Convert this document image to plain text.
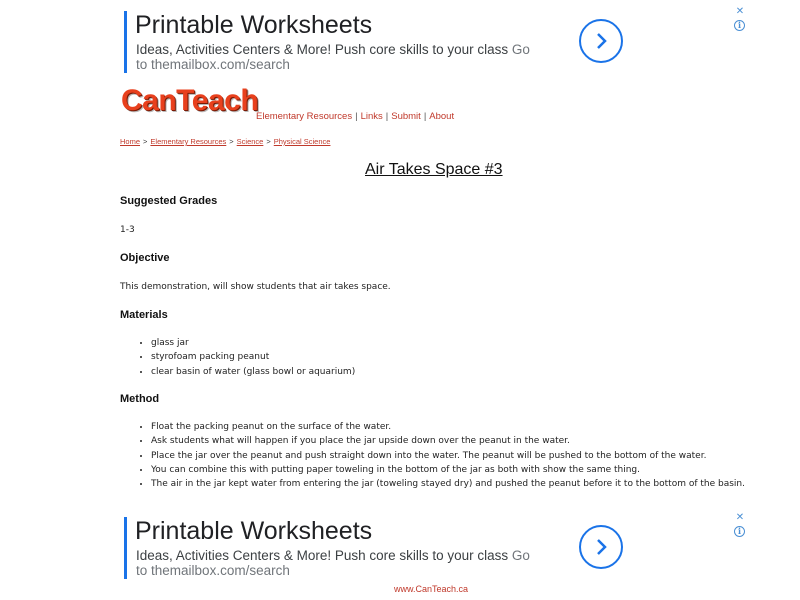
Printable Worksheets
Ideas, Activities Centers & More! Push core skills to your class Go to themailbox.com/search
✕
i
CanTeach
Elementary Resources | Links | Submit | About
Home > Elementary Resources > Science > Physical Science
Air Takes Space #3
Suggested Grades
1-3
Objective
This demonstration, will show students that air takes space.
Materials
• glass jar
• styrofoam packing peanut
• clear basin of water (glass bowl or aquarium)
Method
• Float the packing peanut on the surface of the water.
• Ask students what will happen if you place the jar upside down over the peanut in the water.
• Place the jar over the peanut and push straight down into the water. The peanut will be pushed to the bottom of the water.
• You can combine this with putting paper toweling in the bottom of the jar as both with show the same thing.
• The air in the jar kept water from entering the jar (toweling stayed dry) and pushed the peanut before it to the bottom of the basin.
Printable Worksheets
Ideas, Activities Centers & More! Push core skills to your class Go to themailbox.com/search
✕
i
www.CanTeach.ca
